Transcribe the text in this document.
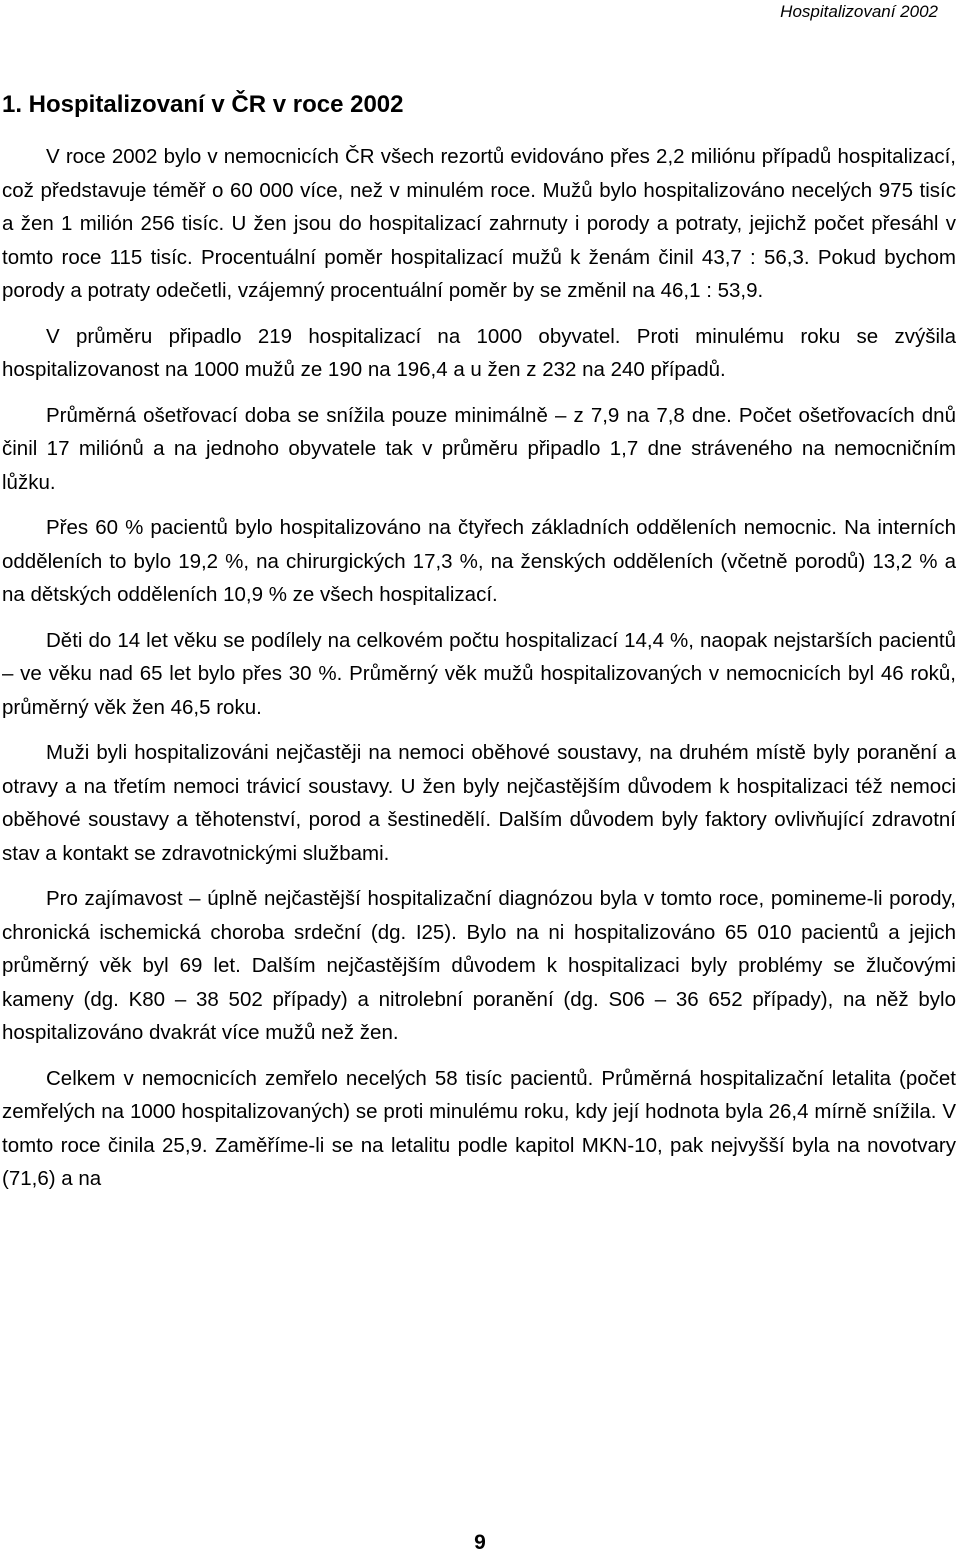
Hospitalizovaní 2002
1. Hospitalizovaní v ČR v roce 2002

V roce 2002 bylo v nemocnicích ČR všech rezortů evidováno přes 2,2 miliónu případů hospitalizací, což představuje téměř o 60 000 více, než v minulém roce. Mužů bylo hospitalizováno necelých 975 tisíc a žen 1 milión 256 tisíc. U žen jsou do hospitalizací zahrnuty i porody a potraty, jejichž počet přesáhl v tomto roce 115 tisíc. Procentuální poměr hospitalizací mužů k ženám činil 43,7 : 56,3. Pokud bychom porody a potraty odečetli, vzájemný procentuální poměr by se změnil na 46,1 : 53,9.

V průměru připadlo 219 hospitalizací na 1000 obyvatel. Proti minulému roku se zvýšila hospitalizovanost na 1000 mužů ze 190 na 196,4 a u žen z 232 na 240 případů.

Průměrná ošetřovací doba se snížila pouze minimálně – z 7,9 na 7,8 dne. Počet ošetřovacích dnů činil 17 miliónů a na jednoho obyvatele tak v průměru připadlo 1,7 dne stráveného na nemocničním lůžku.

Přes 60 % pacientů bylo hospitalizováno na čtyřech základních odděleních nemocnic. Na interních odděleních to bylo 19,2 %, na chirurgických 17,3 %, na ženských odděleních (včetně porodů) 13,2 % a na dětských odděleních 10,9 % ze všech hospitalizací.

Děti do 14 let věku se podílely na celkovém počtu hospitalizací 14,4 %, naopak nejstarších pacientů – ve věku nad 65 let bylo přes 30 %. Průměrný věk mužů hospitalizovaných v nemocnicích byl 46 roků, průměrný věk žen 46,5 roku.

Muži byli hospitalizováni nejčastěji na nemoci oběhové soustavy, na druhém místě byly poranění a otravy a na třetím nemoci trávicí soustavy. U žen byly nejčastějším důvodem k hospitalizaci též nemoci oběhové soustavy a těhotenství, porod a šestinedělí. Dalším důvodem byly faktory ovlivňující zdravotní stav a kontakt se zdravotnickými službami.

Pro zajímavost – úplně nejčastější hospitalizační diagnózou byla v tomto roce, pomineme-li porody, chronická ischemická choroba srdeční (dg. I25). Bylo na ni hospitalizováno 65 010 pacientů a jejich průměrný věk byl 69 let. Dalším nejčastějším důvodem k hospitalizaci byly problémy se žlučovými kameny (dg. K80 – 38 502 případy) a nitrolební poranění (dg. S06 – 36 652 případy), na něž bylo hospitalizováno dvakrát více mužů než žen.

Celkem v nemocnicích zemřelo necelých 58 tisíc pacientů. Průměrná hospitalizační letalita (počet zemřelých na 1000 hospitalizovaných) se proti minulému roku, kdy její hodnota byla 26,4 mírně snížila. V tomto roce činila 25,9. Zaměříme-li se na letalitu podle kapitol MKN-10, pak nejvyšší byla na novotvary (71,6) a na

9
